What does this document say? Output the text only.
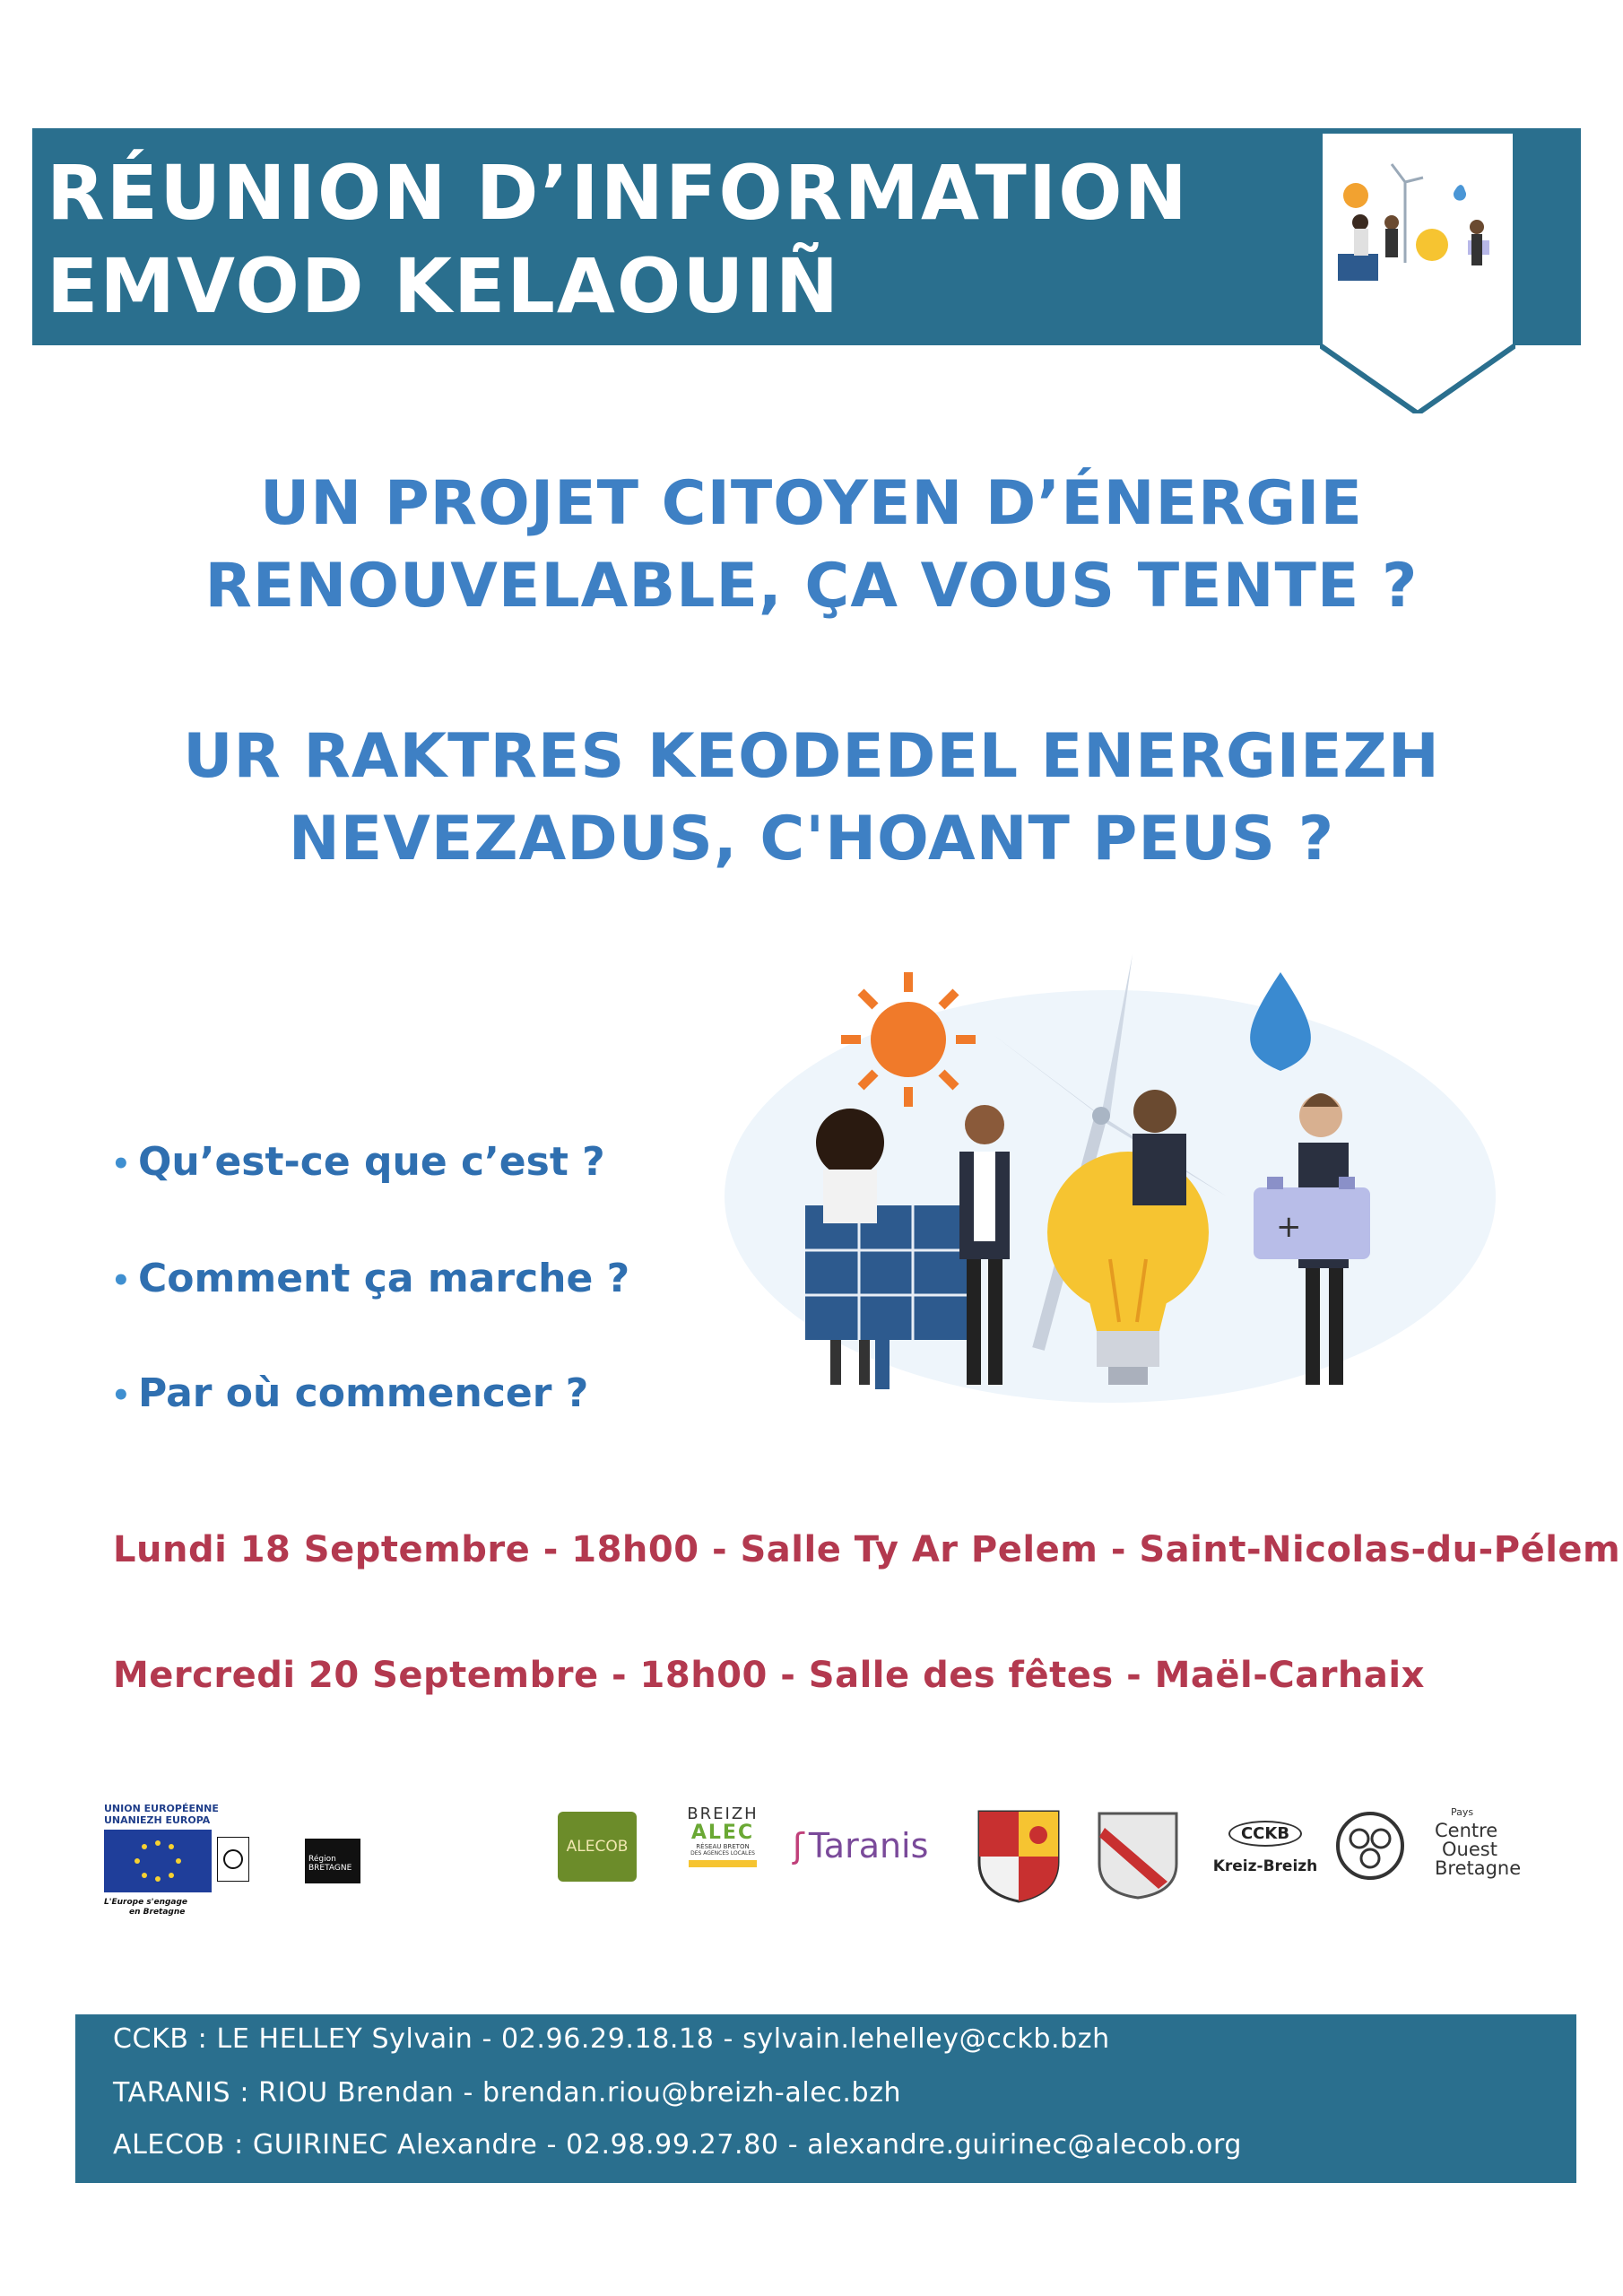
RÉUNION D’INFORMATION
EMVOD KELAOUIÑ
UN PROJET CITOYEN D’ÉNERGIE
RENOUVELABLE, ÇA VOUS TENTE ?
UR RAKTRES KEODEDEL ENERGIEZH
NEVEZADUS, C'HOANT PEUS ?
+
• Qu’est-ce que c’est ?
• Comment ça marche ?
• Par où commencer ?
Lundi 18 Septembre - 18h00 - Salle Ty Ar Pelem - Saint-Nicolas-du-Pélem
Mercredi 20 Septembre - 18h00 - Salle des fêtes - Maël-Carhaix
UNION EUROPÉENNE
UNANIEZH EUROPA
L'Europe s'engage
en Bretagne
Région
BRETAGNE
ALECOB
BREIZH
ALEC
RÉSEAU BRETON
DES AGENCES LOCALES	ʃ Taranis	CCKB
Kreiz-Breizh
Pays
Centre
Ouest
Bretagne
CCKB : LE HELLEY Sylvain - 02.96.29.18.18 - sylvain.lehelley@cckb.bzh
TARANIS : RIOU Brendan - brendan.riou@breizh-alec.bzh
ALECOB : GUIRINEC Alexandre - 02.98.99.27.80 - alexandre.guirinec@alecob.org
